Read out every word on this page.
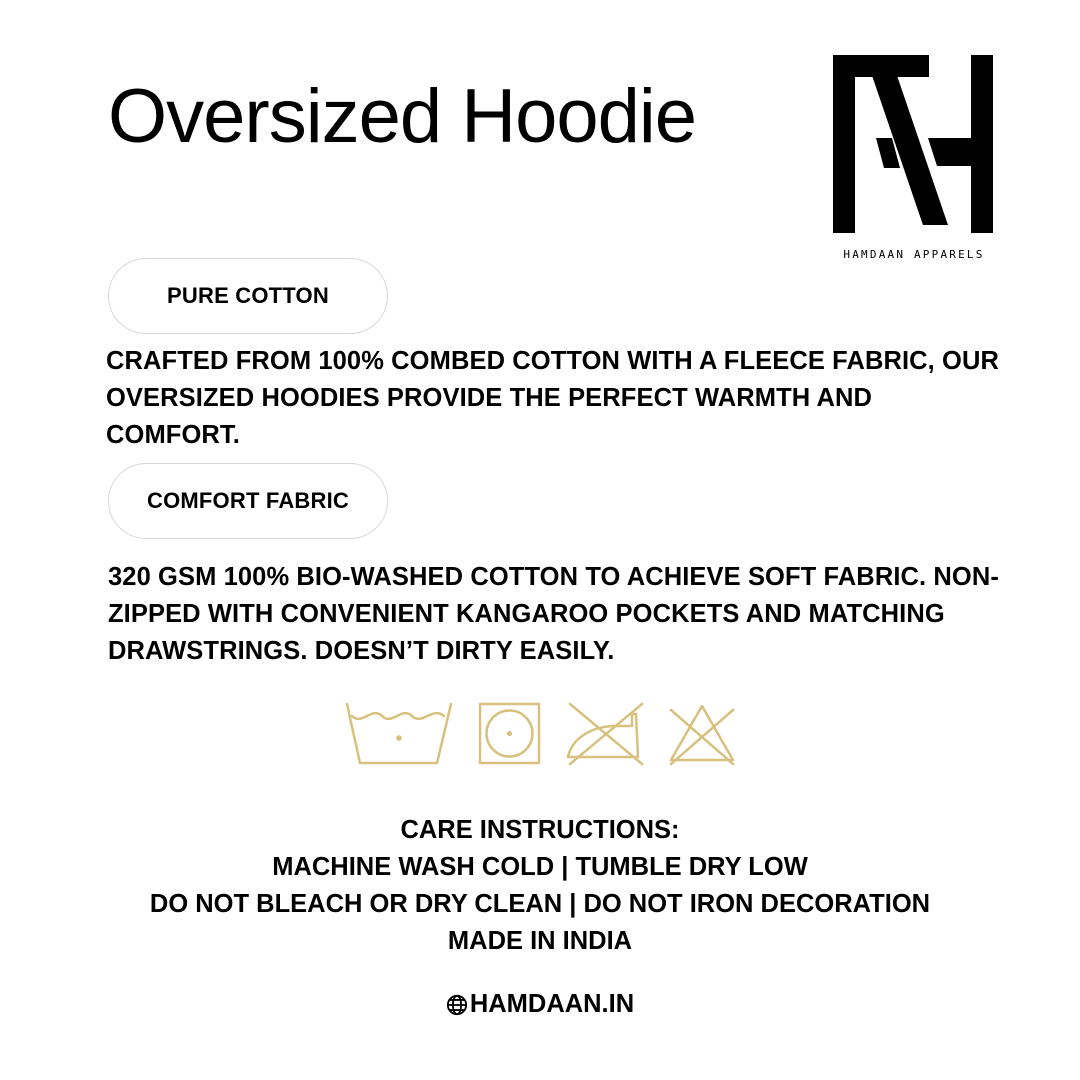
Oversized Hoodie
HAMDAAN APPARELS
PURE COTTON

CRAFTED FROM 100% COMBED COTTON WITH A FLEECE FABRIC, OUR OVERSIZED HOODIES PROVIDE THE PERFECT WARMTH AND COMFORT.

COMFORT FABRIC

320 GSM 100% BIO-WASHED COTTON TO ACHIEVE SOFT FABRIC. NON-ZIPPED WITH CONVENIENT KANGAROO POCKETS AND MATCHING DRAWSTRINGS. DOESN’T DIRTY EASILY.

CARE INSTRUCTIONS:
MACHINE WASH COLD | TUMBLE DRY LOW
DO NOT BLEACH OR DRY CLEAN | DO NOT IRON DECORATION
MADE IN INDIA
HAMDAAN.IN
